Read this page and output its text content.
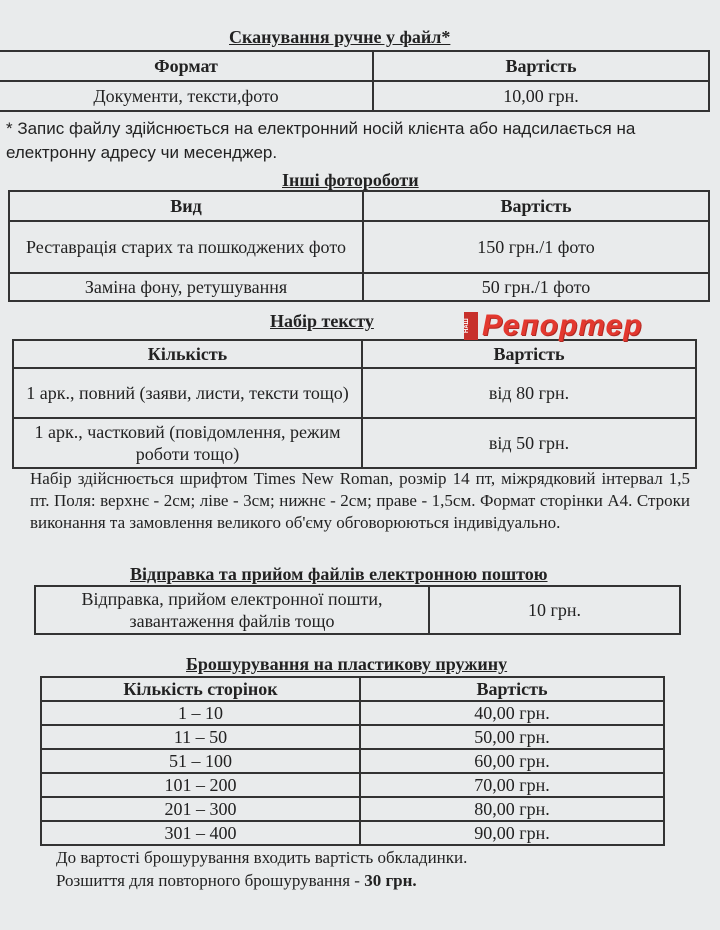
Сканування ручне у файл*
Формат	Вартість
Документи, тексти,фото	10,00 грн.
* Запис файлу здійснюється на електронний носій клієнта або надсилається на електронну адресу чи месенджер.
Інші фотороботи
Вид	Вартість
Реставрація старих та пошкоджених фото	150 грн./1 фото
Заміна фону, ретушування	50 грн./1 фото
Набір тексту
Кількість	Вартість
1 арк., повний (заяви, листи, тексти тощо)	від 80 грн.
1 арк., частковий (повідомлення, режим роботи тощо)	від 50 грн.
Набір здійснюється шрифтом Times New Roman, розмір 14 пт, міжрядковий інтервал 1,5 пт. Поля: верхнє - 2см; ліве - 3см; нижнє - 2см; праве - 1,5см. Формат сторінки А4. Строки виконання та замовлення великого об'єму обговорюються індивідуально.
НАШ Репортер
Відправка та прийом файлів електронною поштою
Відправка, прийом електронної пошти, завантаження файлів тощо	10 грн.
Брошурування на пластикову пружину
Кількість сторінок	Вартість
1 – 10	40,00 грн.
11 – 50	50,00 грн.
51 – 100	60,00 грн.
101 – 200	70,00 грн.
201 – 300	80,00 грн.
301 – 400	90,00 грн.
До вартості брошурування входить вартість обкладинки.
Розшиття для повторного брошурування - 30 грн.
